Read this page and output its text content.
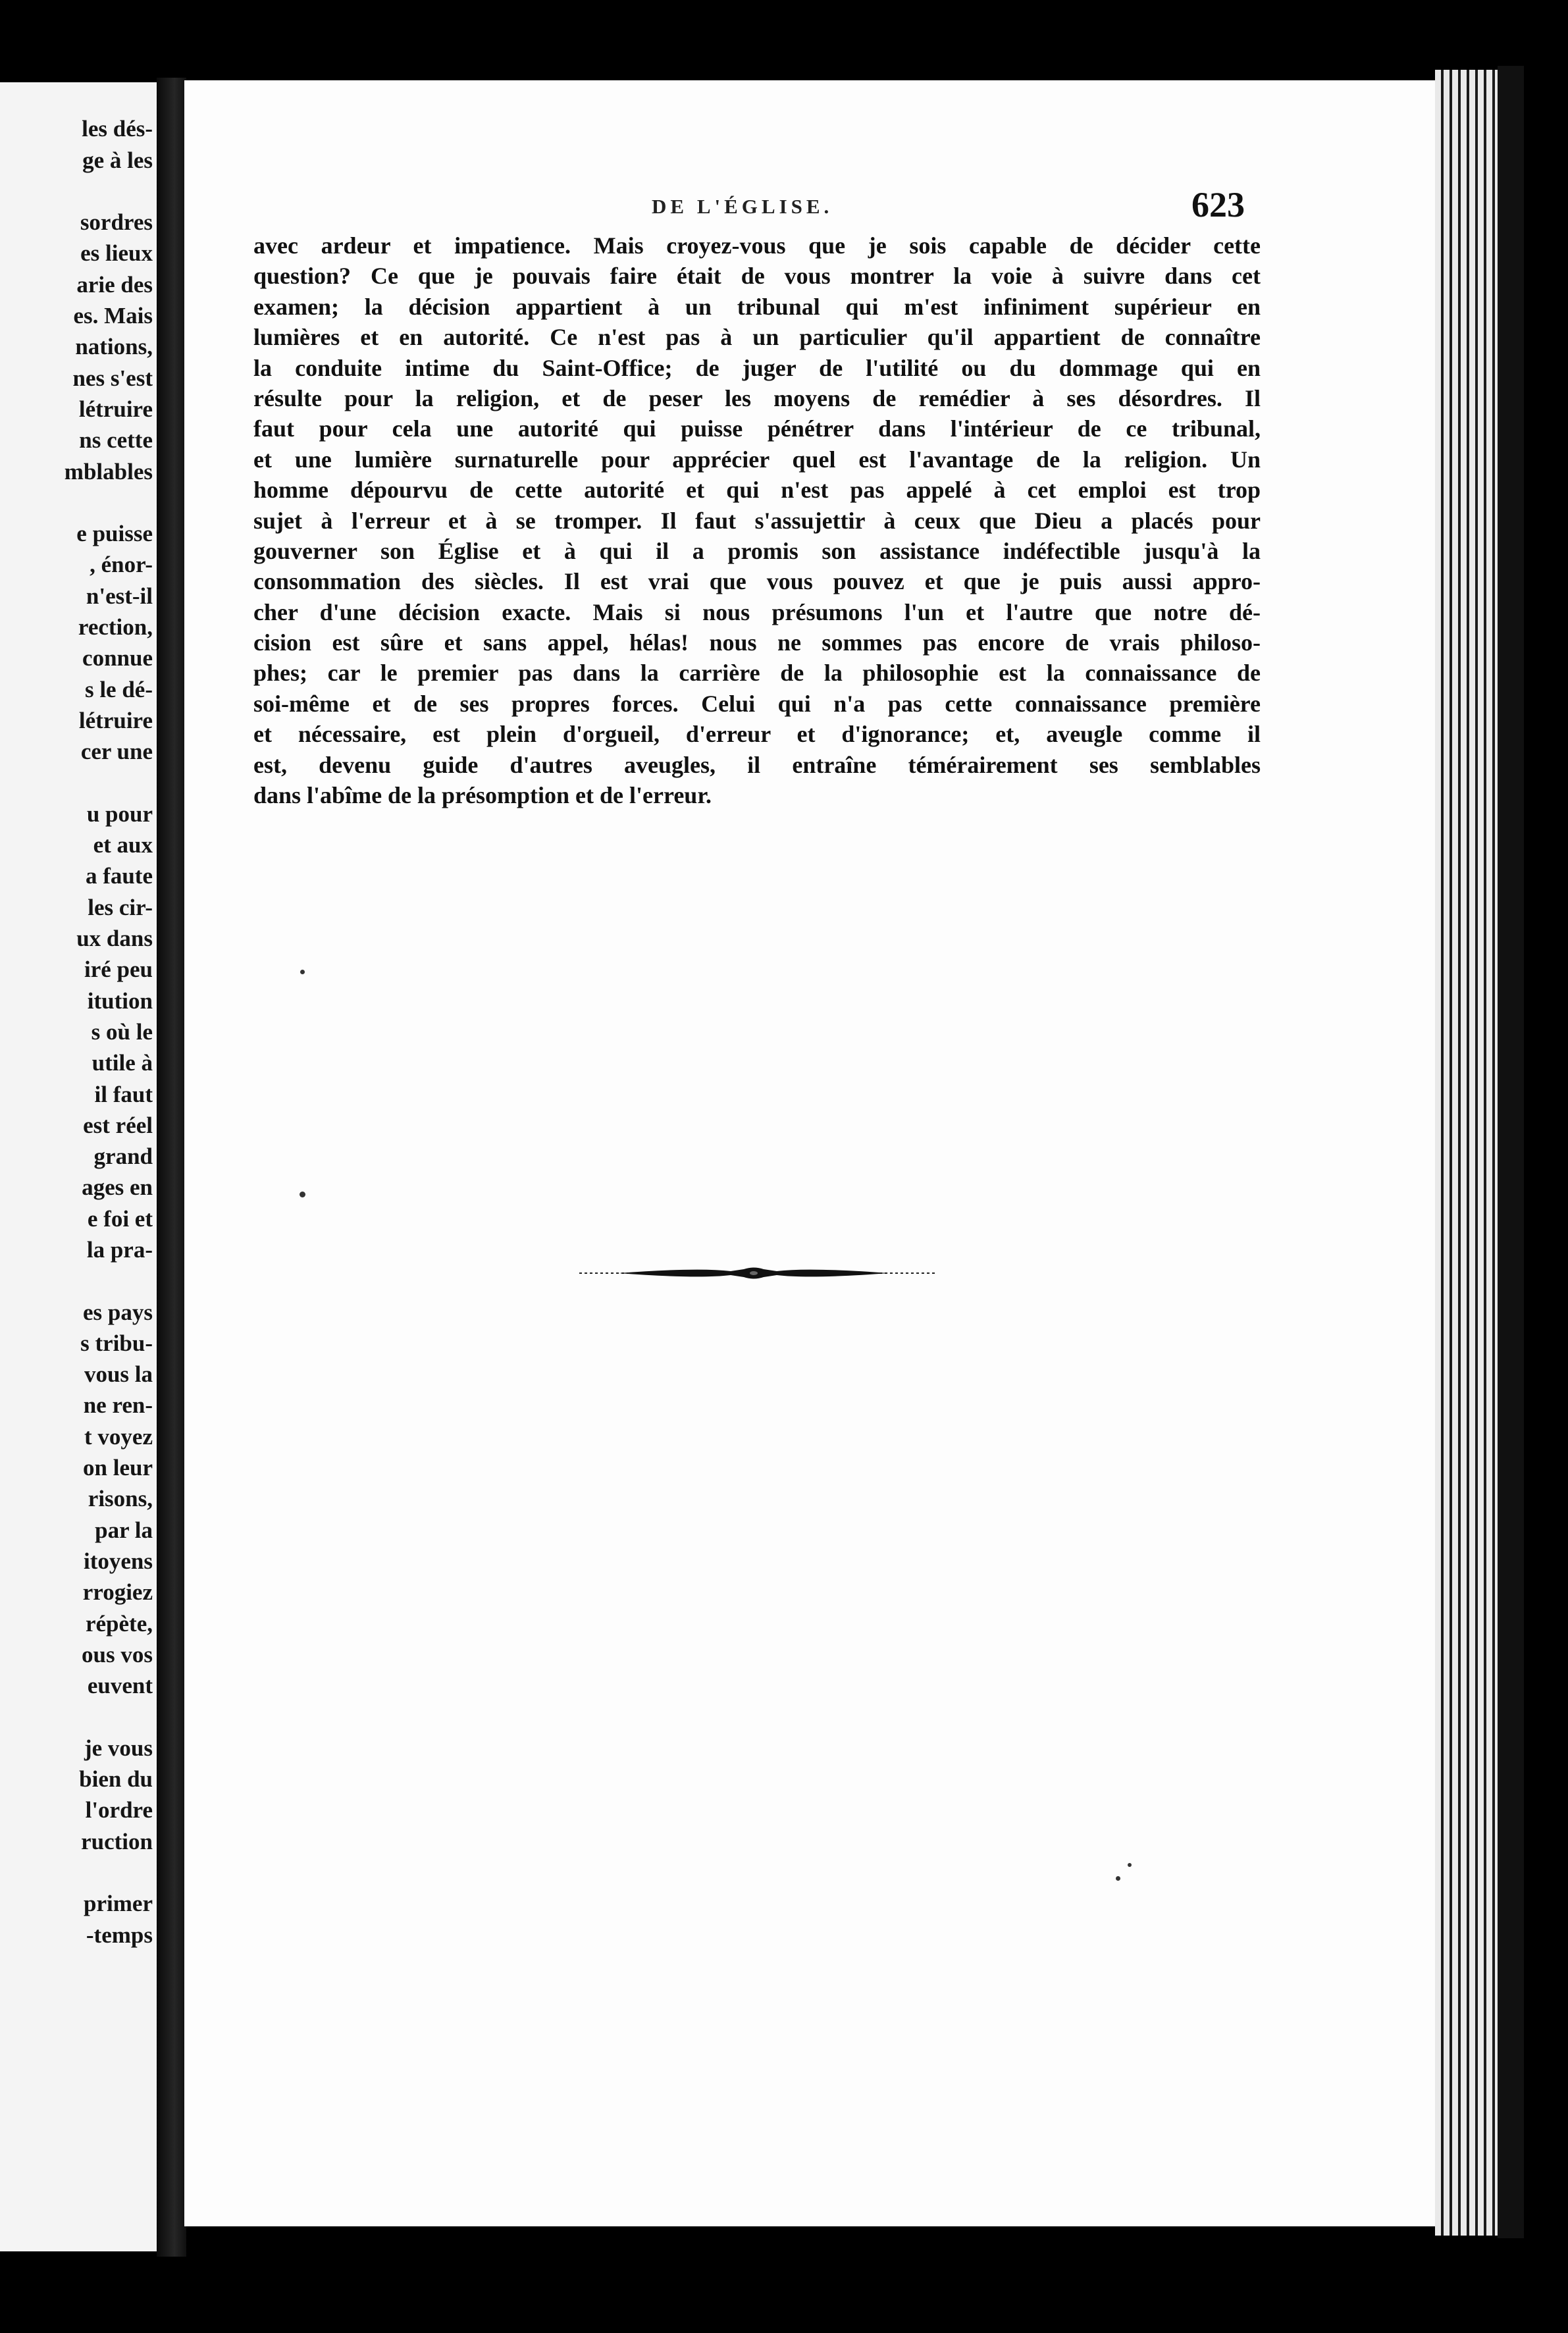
les dés-
ge à les
sordres
es lieux
arie des
es. Mais
nations,
nes s'est
létruire
ns cette
mblables
e puisse
, énor-
n'est-il
rection,
connue
s le dé-
létruire
cer une
u pour
et aux
a faute
les cir-
ux dans
iré peu
itution
s où le
utile à
il faut
est réel
grand
ages en
e foi et
la pra-
es pays
s tribu-
vous la
ne ren-
t voyez
on leur
risons,
par la
itoyens
rrogiez
répète,
ous vos
euvent
je vous
bien du
l'ordre
ruction
primer
-temps
DE L'ÉGLISE.	623
avec ardeur et impatience. Mais croyez-vous que je sois capable de décider cette
question? Ce que je pouvais faire était de vous montrer la voie à suivre dans cet
examen; la décision appartient à un tribunal qui m'est infiniment supérieur en
lumières et en autorité. Ce n'est pas à un particulier qu'il appartient de connaître
la conduite intime du Saint-Office; de juger de l'utilité ou du dommage qui en
résulte pour la religion, et de peser les moyens de remédier à ses désordres. Il
faut pour cela une autorité qui puisse pénétrer dans l'intérieur de ce tribunal,
et une lumière surnaturelle pour apprécier quel est l'avantage de la religion. Un
homme dépourvu de cette autorité et qui n'est pas appelé à cet emploi est trop
sujet à l'erreur et à se tromper. Il faut s'assujettir à ceux que Dieu a placés pour
gouverner son Église et à qui il a promis son assistance indéfectible jusqu'à la
consommation des siècles. Il est vrai que vous pouvez et que je puis aussi appro-
cher d'une décision exacte. Mais si nous présumons l'un et l'autre que notre dé-
cision est sûre et sans appel, hélas! nous ne sommes pas encore de vrais philoso-
phes; car le premier pas dans la carrière de la philosophie est la connaissance de
soi-même et de ses propres forces. Celui qui n'a pas cette connaissance première
et nécessaire, est plein d'orgueil, d'erreur et d'ignorance; et, aveugle comme il
est, devenu guide d'autres aveugles, il entraîne témérairement ses semblables
dans l'abîme de la présomption et de l'erreur.
